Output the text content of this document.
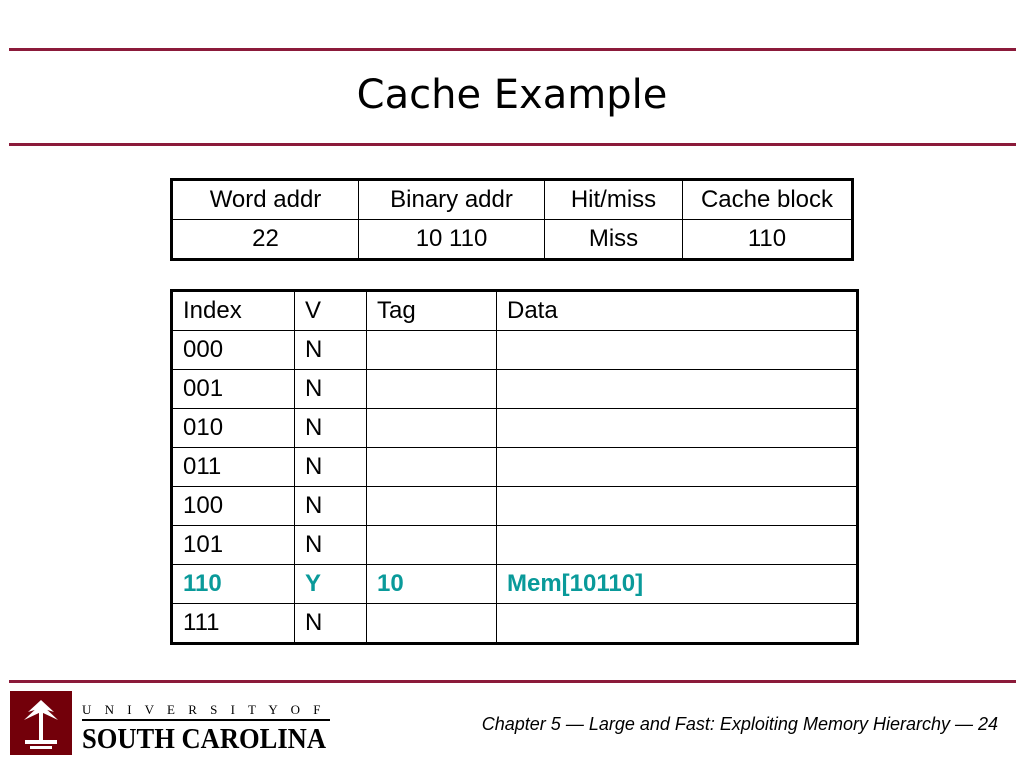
Cache Example
Word addr	Binary addr	Hit/miss	Cache block
22	10 110	Miss	110
Index	V	Tag	Data
000	N		
001	N		
010	N		
011	N		
100	N		
101	N		
110	Y	10	Mem[10110]
111	N		
U N I V E R S I T Y O F
SOUTH CAROLINA	Chapter 5 — Large and Fast: Exploiting Memory Hierarchy — 24
